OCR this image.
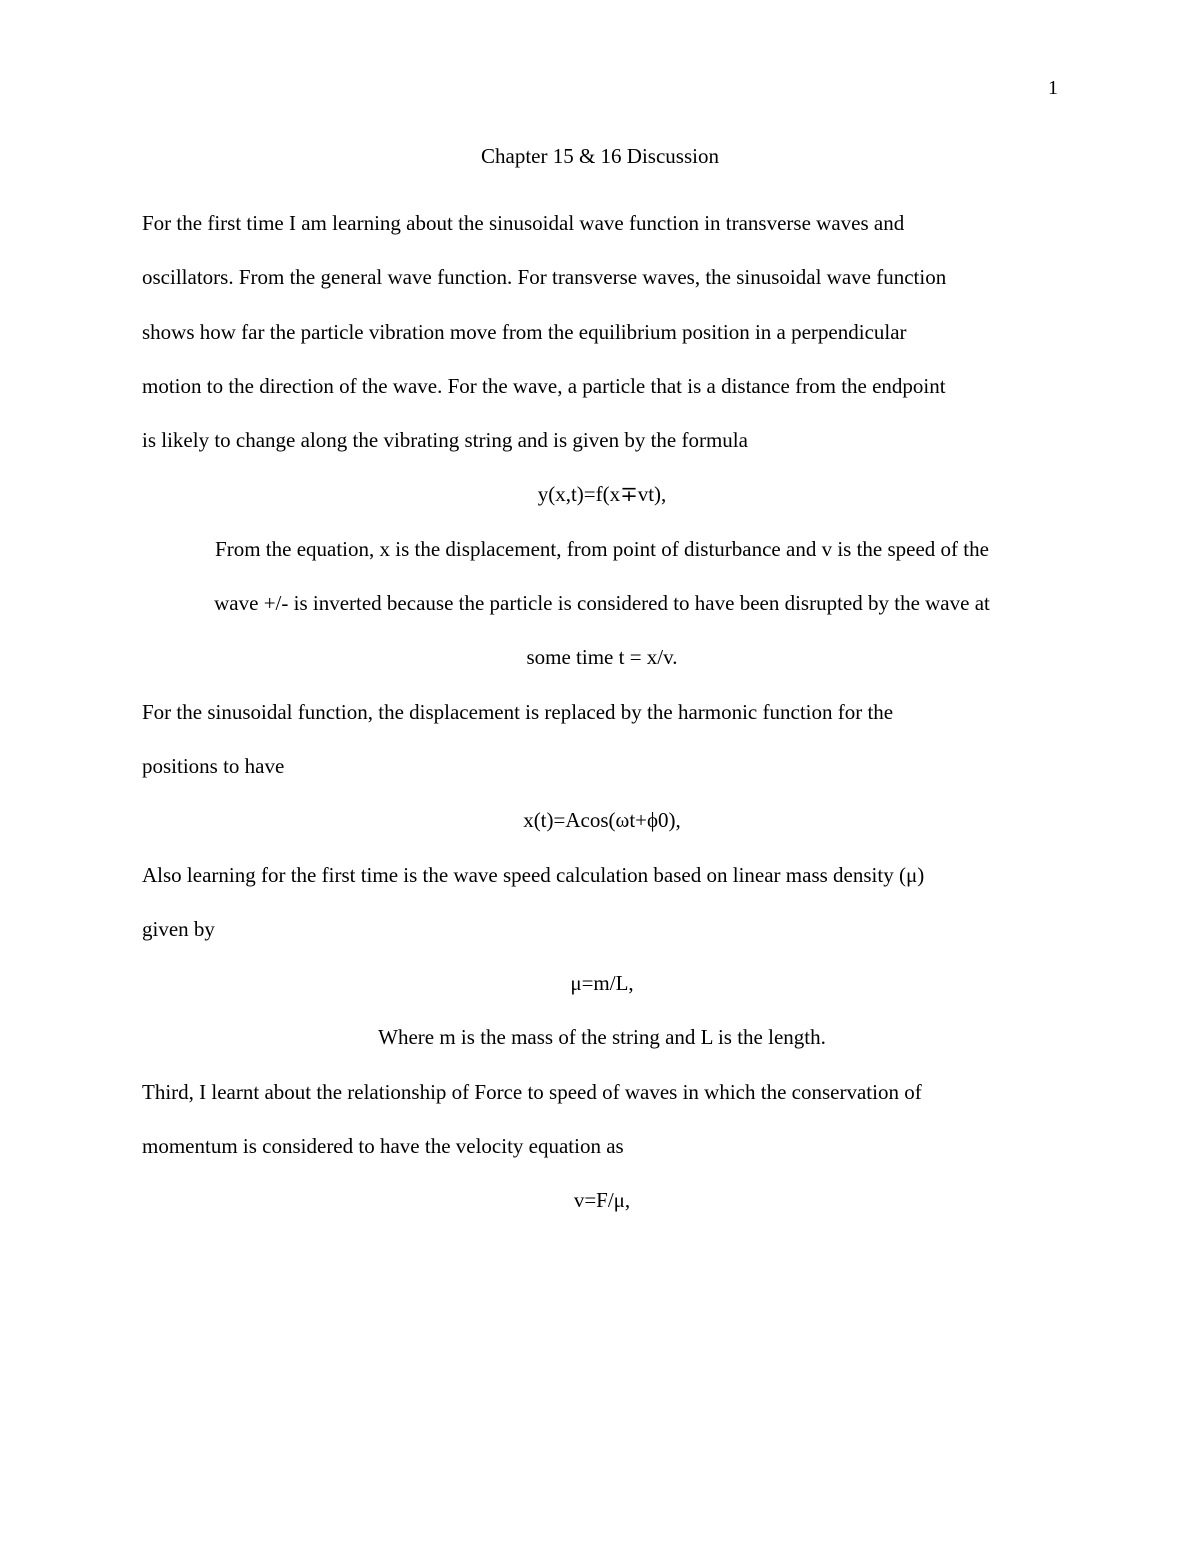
1
Chapter 15 & 16 Discussion

For the first time I am learning about the sinusoidal wave function in transverse waves and

oscillators. From the general wave function. For transverse waves, the sinusoidal wave function

shows how far the particle vibration move from the equilibrium position in a perpendicular

motion to the direction of the wave. For the wave, a particle that is a distance from the endpoint

is likely to change along the vibrating string and is given by the formula

y(x,t)=f(x∓vt),

From the equation, x is the displacement, from point of disturbance and v is the speed of the

wave +/- is inverted because the particle is considered to have been disrupted by the wave at

some time t = x/v.

For the sinusoidal function, the displacement is replaced by the harmonic function for the

positions to have

x(t)=Acos(ωt+ϕ0),

Also learning for the first time is the wave speed calculation based on linear mass density (μ)

given by

μ=m/L,

Where m is the mass of the string and L is the length.

Third, I learnt about the relationship of Force to speed of waves in which the conservation of

momentum is considered to have the velocity equation as

v=F/μ,
